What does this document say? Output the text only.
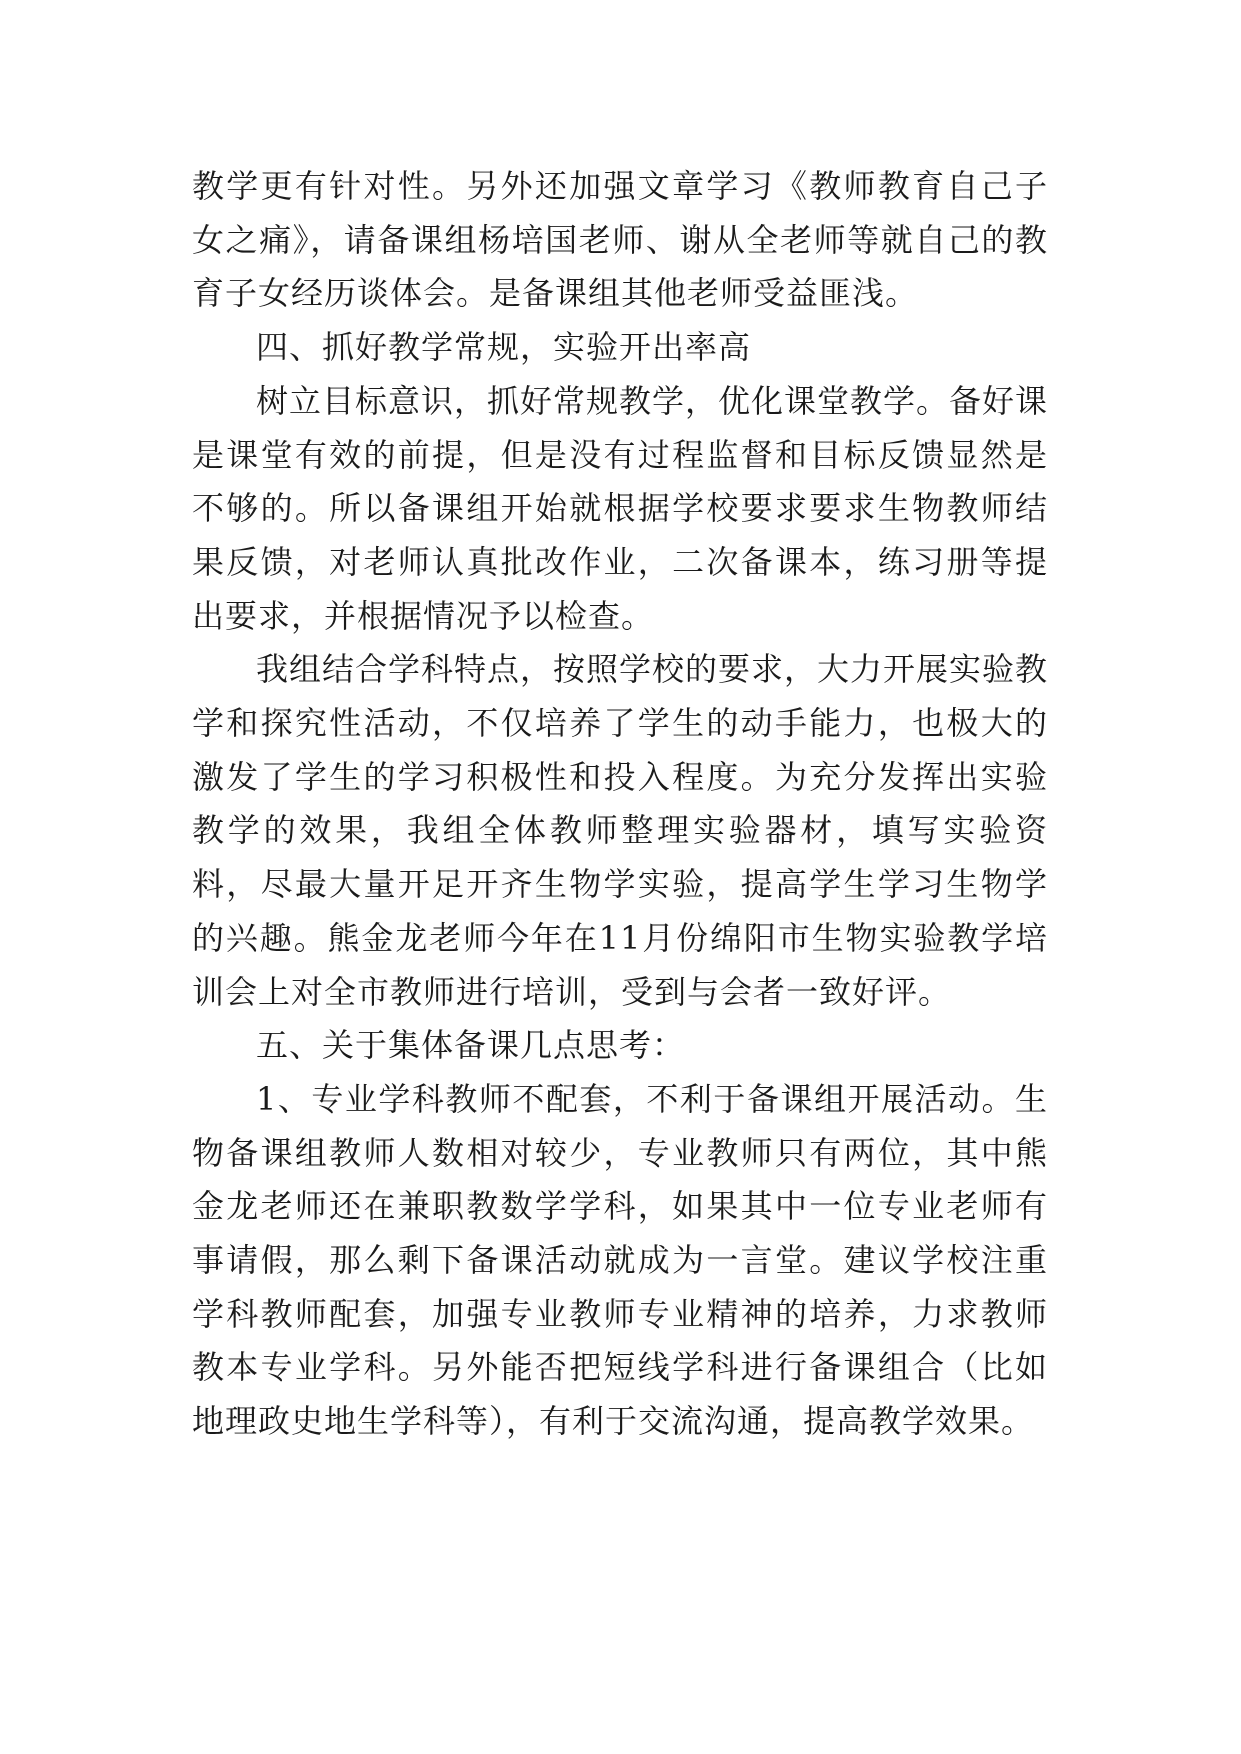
教学更有针对性。另外还加强文章学习《教师教育自己子女之痛》，请备课组杨培国老师、谢从全老师等就自己的教育子女经历谈体会。是备课组其他老师受益匪浅。

四、抓好教学常规，实验开出率高

树立目标意识，抓好常规教学，优化课堂教学。备好课是课堂有效的前提，但是没有过程监督和目标反馈显然是不够的。所以备课组开始就根据学校要求要求生物教师结果反馈，对老师认真批改作业，二次备课本，练习册等提出要求，并根据情况予以检查。

我组结合学科特点，按照学校的要求，大力开展实验教学和探究性活动，不仅培养了学生的动手能力，也极大的激发了学生的学习积极性和投入程度。为充分发挥出实验教学的效果，我组全体教师整理实验器材，填写实验资料，尽最大量开足开齐生物学实验，提高学生学习生物学的兴趣。熊金龙老师今年在11月份绵阳市生物实验教学培训会上对全市教师进行培训，受到与会者一致好评。

五、关于集体备课几点思考：

1、专业学科教师不配套，不利于备课组开展活动。生物备课组教师人数相对较少，专业教师只有两位，其中熊金龙老师还在兼职教数学学科，如果其中一位专业老师有事请假，那么剩下备课活动就成为一言堂。建议学校注重学科教师配套，加强专业教师专业精神的培养，力求教师教本专业学科。另外能否把短线学科进行备课组合（比如地理政史地生学科等），有利于交流沟通，提高教学效果。
